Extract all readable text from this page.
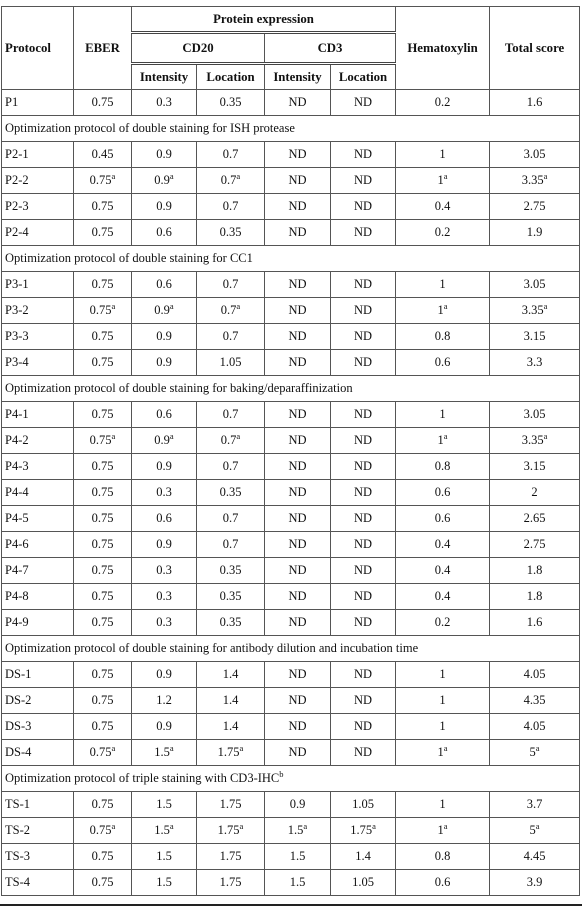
Protocol	EBER	Protein expression				Hematoxylin	Total score
		CD20		CD3			
		Intensity	Location	Intensity	Location		
P1	0.75	0.3	0.35	ND	ND	0.2	1.6
Optimization protocol of double staining for ISH protease							
P2-1	0.45	0.9	0.7	ND	ND	1	3.05
P2-2	0.75$^a$	0.9$^a$	0.7$^a$	ND	ND	1$^a$	3.35$^a$
P2-3	0.75	0.9	0.7	ND	ND	0.4	2.75
P2-4	0.75	0.6	0.35	ND	ND	0.2	1.9
Optimization protocol of double staining for CC1							
P3-1	0.75	0.6	0.7	ND	ND	1	3.05
P3-2	0.75$^a$	0.9$^a$	0.7$^a$	ND	ND	1$^a$	3.35$^a$
P3-3	0.75	0.9	0.7	ND	ND	0.8	3.15
P3-4	0.75	0.9	1.05	ND	ND	0.6	3.3
Optimization protocol of double staining for baking/deparaffinization							
P4-1	0.75	0.6	0.7	ND	ND	1	3.05
P4-2	0.75$^a$	0.9$^a$	0.7$^a$	ND	ND	1$^a$	3.35$^a$
P4-3	0.75	0.9	0.7	ND	ND	0.8	3.15
P4-4	0.75	0.3	0.35	ND	ND	0.6	2
P4-5	0.75	0.6	0.7	ND	ND	0.6	2.65
P4-6	0.75	0.9	0.7	ND	ND	0.4	2.75
P4-7	0.75	0.3	0.35	ND	ND	0.4	1.8
P4-8	0.75	0.3	0.35	ND	ND	0.4	1.8
P4-9	0.75	0.3	0.35	ND	ND	0.2	1.6
Optimization protocol of double staining for antibody dilution and incubation time							
DS-1	0.75	0.9	1.4	ND	ND	1	4.05
DS-2	0.75	1.2	1.4	ND	ND	1	4.35
DS-3	0.75	0.9	1.4	ND	ND	1	4.05
DS-4	0.75$^a$	1.5$^a$	1.75$^a$	ND	ND	1$^a$	5$^a$
Optimization protocol of triple staining with CD3-IHC$^b$
TS-1	0.75	1.5	1.75	0.9	1.05	1	3.7
TS-2	0.75$^a$	1.5$^a$	1.75$^a$	1.5$^a$	1.75$^a$	1$^a$	5$^a$
TS-3	0.75	1.5	1.75	1.5	1.4	0.8	4.45
TS-4	0.75	1.5	1.75	1.5	1.05	0.6	3.9
